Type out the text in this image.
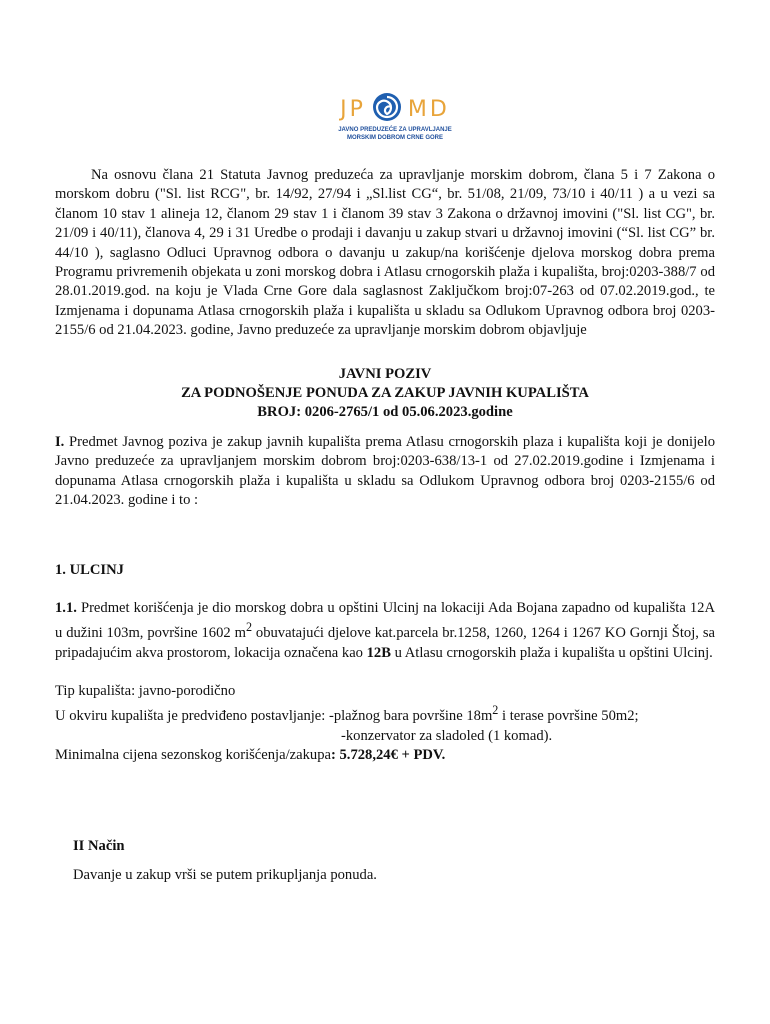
JP MD
JAVNO PREDUZEĆE ZA UPRAVLJANJE
MORSKIM DOBROM CRNE GORE

Na osnovu člana 21 Statuta Javnog preduzeća za upravljanje morskim dobrom, člana 5 i 7 Zakona o morskom dobru ("Sl. list RCG", br. 14/92, 27/94 i „Sl.list CG“, br. 51/08, 21/09, 73/10 i 40/11 ) a u vezi sa članom 10 stav 1 alineja 12, članom 29 stav 1 i članom 39 stav 3 Zakona o državnoj imovini ("Sl. list CG", br. 21/09 i 40/11), članova 4, 29 i 31 Uredbe o prodaji i davanju u zakup stvari u državnoj imovini (“Sl. list CG” br. 44/10 ), saglasno Odluci Upravnog odbora o davanju u zakup/na korišćenje djelova morskog dobra prema Programu privremenih objekata u zoni morskog dobra i Atlasu crnogorskih plaža i kupališta, broj:0203-388/7 od 28.01.2019.god. na koju je Vlada Crne Gore dala saglasnost Zaključkom broj:07-263 od 07.02.2019.god., te Izmjenama i dopunama Atlasa crnogorskih plaža i kupališta u skladu sa Odlukom Upravnog odbora broj 0203-2155/6 od 21.04.2023. godine, Javno preduzeće za upravljanje morskim dobrom objavljuje

JAVNI POZIV
ZA PODNOŠENJE PONUDA ZA ZAKUP JAVNIH KUPALIŠTA
BROJ: 0206-2765/1 od 05.06.2023.godine

I. Predmet Javnog poziva je zakup javnih kupališta prema Atlasu crnogorskih plaza i kupališta koji je donijelo Javno preduzeće za upravljanjem morskim dobrom broj:0203-638/13-1 od 27.02.2019.godine i Izmjenama i dopunama Atlasa crnogorskih plaža i kupališta u skladu sa Odlukom Upravnog odbora broj 0203-2155/6 od 21.04.2023. godine i to :

1. ULCINJ

1.1. Predmet korišćenja je dio morskog dobra u opštini Ulcinj na lokaciji Ada Bojana zapadno od kupališta 12A u dužini 103m, površine 1602 $m^2$ obuvatajući djelove kat.parcela br.1258, 1260, 1264 i 1267 KO Gornji Štoj, sa pripadajućim akva prostorom, lokacija označena kao 12B u Atlasu crnogorskih plaža i kupališta u opštini Ulcinj.

Tip kupališta: javno-porodično

U okviru kupališta je predviđeno postavljanje: -plažnog bara površine $18m^2$ i terase površine 50m2;

-konzervator za sladoled (1 komad).

Minimalna cijena sezonskog korišćenja/zakupa: 5.728,24€ + PDV.

II Način

Davanje u zakup vrši se putem prikupljanja ponuda.
